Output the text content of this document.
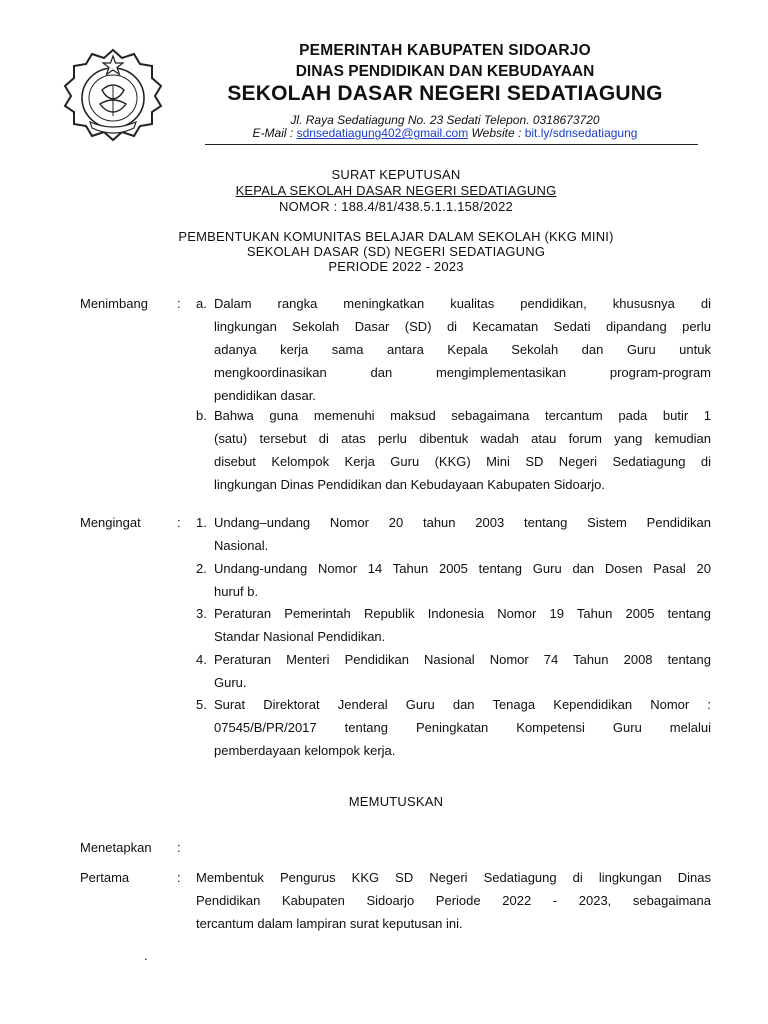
PEMERINTAH KABUPATEN SIDOARJO
DINAS PENDIDIKAN DAN KEBUDAYAAN
SEKOLAH DASAR NEGERI SEDATIAGUNG
Jl. Raya Sedatiagung No. 23 Sedati Telepon. 0318673720
E-Mail : sdnsedatiagung402@gmail.com Website : bit.ly/sdnsedatiagung
SURAT KEPUTUSAN
KEPALA SEKOLAH DASAR NEGERI SEDATIAGUNG
NOMOR : 188.4/81/438.5.1.1.158/2022
PEMBENTUKAN KOMUNITAS BELAJAR DALAM SEKOLAH (KKG MINI)
SEKOLAH DASAR (SD) NEGERI SEDATIAGUNG
PERIODE 2022 - 2023
Menimbang : a. Dalam rangka meningkatkan kualitas pendidikan, khususnya di
lingkungan Sekolah Dasar (SD) di Kecamatan Sedati dipandang perlu
adanya kerja sama antara Kepala Sekolah dan Guru untuk
mengkoordinasikan dan mengimplementasikan program-program
pendidikan dasar.
b. Bahwa guna memenuhi maksud sebagaimana tercantum pada butir 1
(satu) tersebut di atas perlu dibentuk wadah atau forum yang kemudian
disebut Kelompok Kerja Guru (KKG) Mini SD Negeri Sedatiagung di
lingkungan Dinas Pendidikan dan Kebudayaan Kabupaten Sidoarjo.
Mengingat	: 1. Undang–undang Nomor 20 tahun 2003 tentang Sistem Pendidikan
Nasional.
2. Undang-undang Nomor 14 Tahun 2005 tentang Guru dan Dosen Pasal 20
huruf b.
3. Peraturan Pemerintah Republik Indonesia Nomor 19 Tahun 2005 tentang
Standar Nasional Pendidikan.
4. Peraturan Menteri Pendidikan Nasional Nomor 74 Tahun 2008 tentang
Guru.
5. Surat Direktorat Jenderal Guru dan Tenaga Kependidikan Nomor :
07545/B/PR/2017 tentang Peningkatan Kompetensi Guru melalui
pemberdayaan kelompok kerja.
MEMUTUSKAN
Menetapkan :
Pertama	: Membentuk Pengurus KKG SD Negeri Sedatiagung di lingkungan Dinas
Pendidikan Kabupaten Sidoarjo Periode 2022 - 2023, sebagaimana
tercantum dalam lampiran surat keputusan ini.
.
